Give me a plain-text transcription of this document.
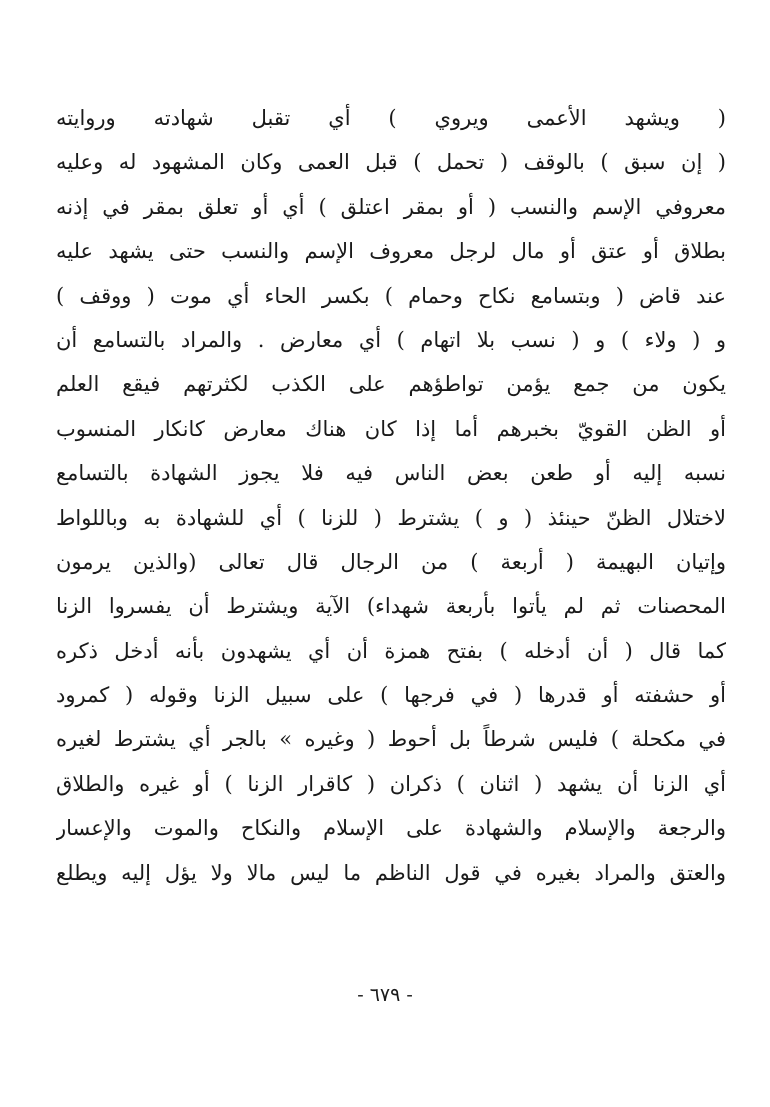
( ويشهد الأعمى ويروي ) أي تقبل شهادته وروايته
( إن سبق ) بالوقف ( تحمل ) قبل العمى وكان المشهود له وعليه
معروفي الإسم والنسب ( أو بمقر اعتلق ) أي أو تعلق بمقر في إذنه
بطلاق أو عتق أو مال لرجل معروف الإسم والنسب حتى يشهد عليه
عند قاض ( وبتسامع نكاح وحمام ) بكسر الحاء أي موت ( ووقف )
و ( ولاء ) و ( نسب بلا اتهام ) أي معارض . والمراد بالتسامع أن
يكون من جمع يؤمن تواطؤهم على الكذب لكثرتهم فيقع العلم
أو الظن القويّ بخبرهم أما إذا كان هناك معارض كانكار المنسوب
نسبه إليه أو طعن بعض الناس فيه فلا يجوز الشهادة بالتسامع
لاختلال الظنّ حينئذ ( و ) يشترط ( للزنا ) أي للشهادة به وباللواط
وإتيان البهيمة ( أربعة ) من الرجال قال تعالى (والذين يرمون
المحصنات ثم لم يأتوا بأربعة شهداء) الآية ويشترط أن يفسروا الزنا
كما قال ( أن أدخله ) بفتح همزة أن أي يشهدون بأنه أدخل ذكره
أو حشفته أو قدرها ( في فرجها ) على سبيل الزنا وقوله ( كمرود
في مكحلة ) فليس شرطاً بل أحوط ( وغيره » بالجر أي يشترط لغيره
أي الزنا أن يشهد ( اثنان ) ذكران ( كاقرار الزنا ) أو غيره والطلاق
والرجعة والإسلام والشهادة على الإسلام والنكاح والموت والإعسار
والعتق والمراد بغيره في قول الناظم ما ليس مالا ولا يؤل إليه ويطلع
- ٦٧٩ -
